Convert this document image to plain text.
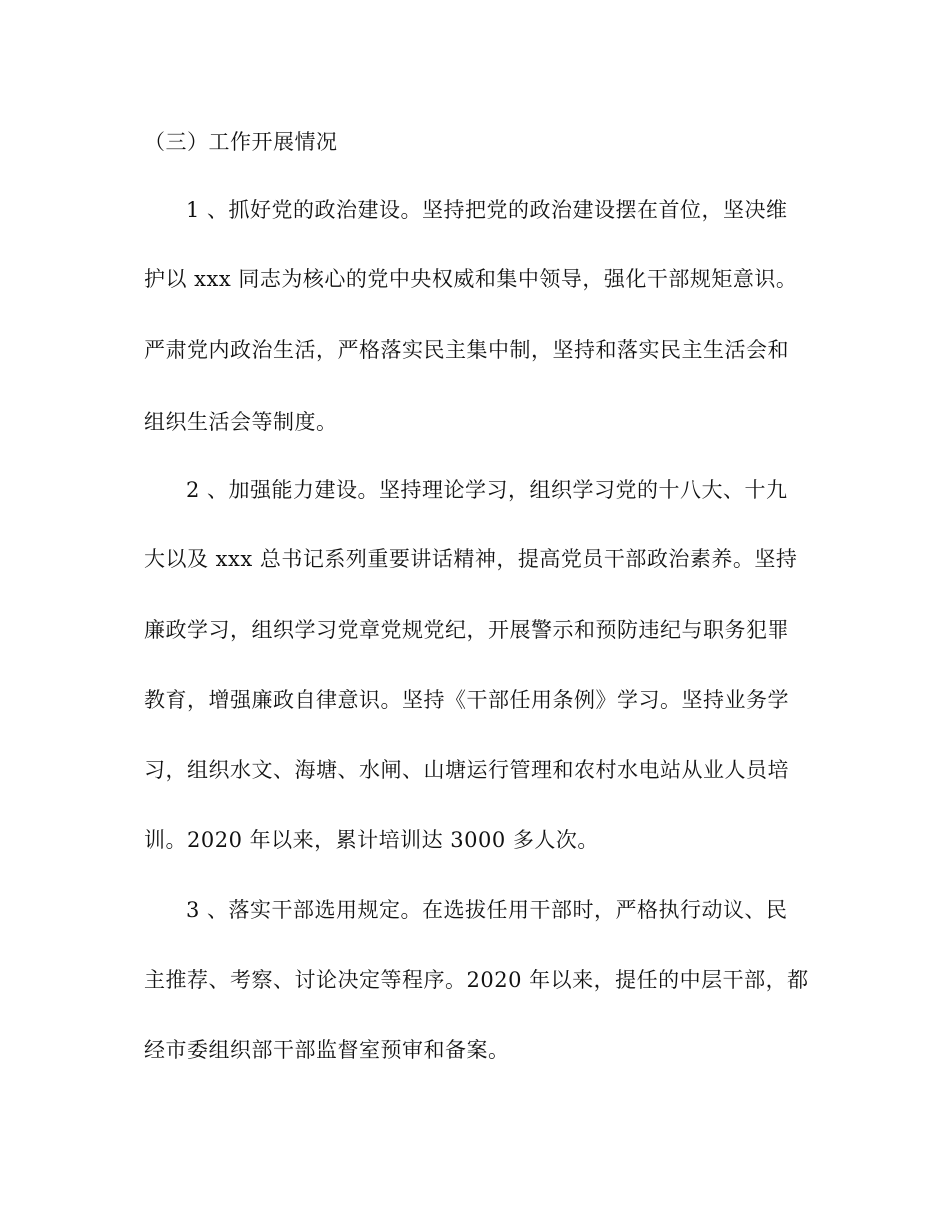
（三）工作开展情况
1 、抓好党的政治建设。坚持把党的政治建设摆在首位，坚决维
护以 xxx 同志为核心的党中央权威和集中领导，强化干部规矩意识。
严肃党内政治生活，严格落实民主集中制，坚持和落实民主生活会和
组织生活会等制度。
2 、加强能力建设。坚持理论学习，组织学习党的十八大、十九
大以及 xxx 总书记系列重要讲话精神，提高党员干部政治素养。坚持
廉政学习，组织学习党章党规党纪，开展警示和预防违纪与职务犯罪
教育，增强廉政自律意识。坚持《干部任用条例》学习。坚持业务学
习，组织水文、海塘、水闸、山塘运行管理和农村水电站从业人员培
训。2020 年以来，累计培训达 3000 多人次。
3 、落实干部选用规定。在选拔任用干部时，严格执行动议、民
主推荐、考察、讨论决定等程序。2020 年以来，提任的中层干部，都
经市委组织部干部监督室预审和备案。
